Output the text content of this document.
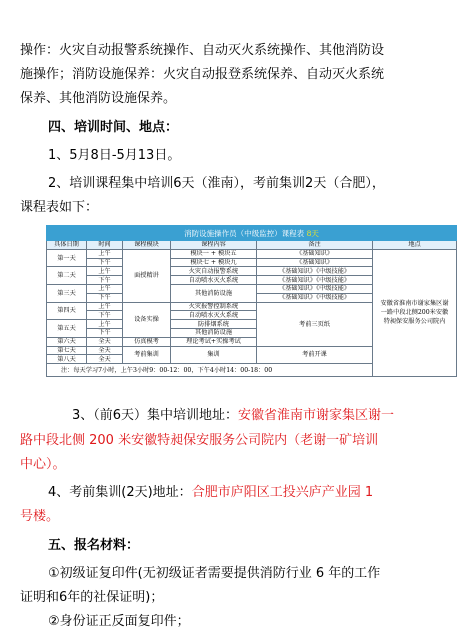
操作：火灾自动报警系统操作、自动灭火系统操作、其他消防设
施操作；消防设施保养：火灾自动报登系统保养、自动灭火系统
保养、其他消防设施保养。
四、培训时间、地点：
1、5月8日-5月13日。
2、培训课程集中培训6天（淮南），考前集训2天（合肥），
课程表如下：
消防设施操作员（中级监控）课程表 8天					
具体日期	时间	课程模块	课程内容	备注	地点
第一天	上午	面授精讲	模块一 + 模块五	《基础知识》	安徽省淮南市谢家集区谢一路中段北侧200米安徽特昶保安服务公司院内
	下午		模块七 + 模块九	《基础知识》	
第二天	上午		火灾自动报警系统	《基础知识》《中级技能》	
	下午		自动喷水灭火系统	《基础知识》《中级技能》	
第三天	上午		其他消防设施	《基础知识》《中级技能》	
	下午			《基础知识》《中级技能》	
第四天	上午	设备实操	火灾报警控制系统	考前三页纸	
	下午		自动喷水灭火系统		
第五天	上午		防排烟系统		
	下午		其他消防设施		
第六天	全天	仿真模考	理论考试+实操考试		
第七天	全天	考前集训	集训	考前开课	
第八天	全天				
注：每天学习7小时，上午3小时9：00-12：00，下午4小时14：00-18：00					
3、（前6天）集中培训地址：安徽省淮南市谢家集区谢一
路中段北侧 200 米安徽特昶保安服务公司院内（老谢一矿培训
中心）。
4、考前集训(2天)地址：合肥市庐阳区工投兴庐产业园 1
号楼。
五、报名材料：
①初级证复印件(无初级证者需要提供消防行业 6 年的工作
证明和6年的社保证明)；
②身份证正反面复印件；
